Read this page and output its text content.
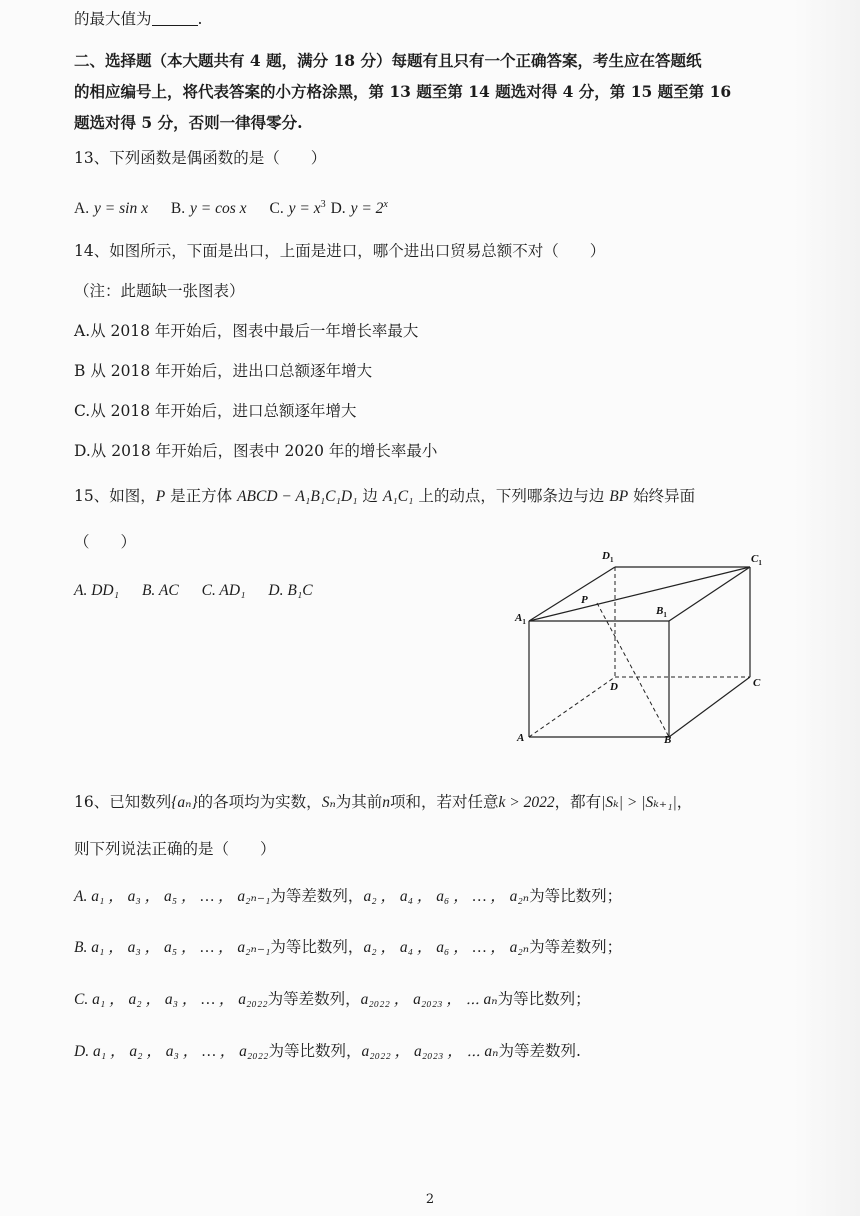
的最大值为	.
二、选择题（本大题共有 4 题，满分 18 分）每题有且只有一个正确答案，考生应在答题纸
的相应编号上，将代表答案的小方格涂黑，第 13 题至第 14 题选对得 4 分，第 15 题至第 16
题选对得 5 分，否则一律得零分.
13、下列函数是偶函数的是（　　）
A. y = sin x B. y = cos x C. $y = x^3$ D. $y = 2^x$
14、如图所示，下面是出口，上面是进口，哪个进出口贸易总额不对（　　）
（注：此题缺一张图表）
A.从 2018 年开始后，图表中最后一年增长率最大
B 从 2018 年开始后，进出口总额逐年增大
C.从 2018 年开始后，进口总额逐年增大
D.从 2018 年开始后，图表中 2020 年的增长率最小
15、如图，P 是正方体 ABCD − A₁B₁C₁D₁ 边 A₁C₁ 上的动点，下列哪条边与边 BP 始终异面
（　　）
A. DD₁ B. AC C. AD₁ D. B₁C
$D_1$	$C_1$
P
$B_1$
$A_1$
D	C
A	B
16、已知数列{aₙ}的各项均为实数，Sₙ为其前n项和，若对任意k > 2022，都有|Sₖ| > |Sₖ₊₁|，
则下列说法正确的是（　　）
A. a₁ ， a₃ ， a₅ ， … ， a₂ₙ₋₁为等差数列，a₂ ， a₄ ， a₆ ， … ， a₂ₙ为等比数列；
B. a₁ ， a₃ ， a₅ ， … ， a₂ₙ₋₁为等比数列，a₂ ， a₄ ， a₆ ， … ， a₂ₙ为等差数列；
C. a₁ ， a₂ ， a₃ ， … ， a₂₀₂₂为等差数列，a₂₀₂₂ ， a₂₀₂₃ ， ⋯ aₙ为等比数列；
D. a₁ ， a₂ ， a₃ ， … ， a₂₀₂₂为等比数列，a₂₀₂₂ ， a₂₀₂₃ ， ⋯ aₙ为等差数列.
2
